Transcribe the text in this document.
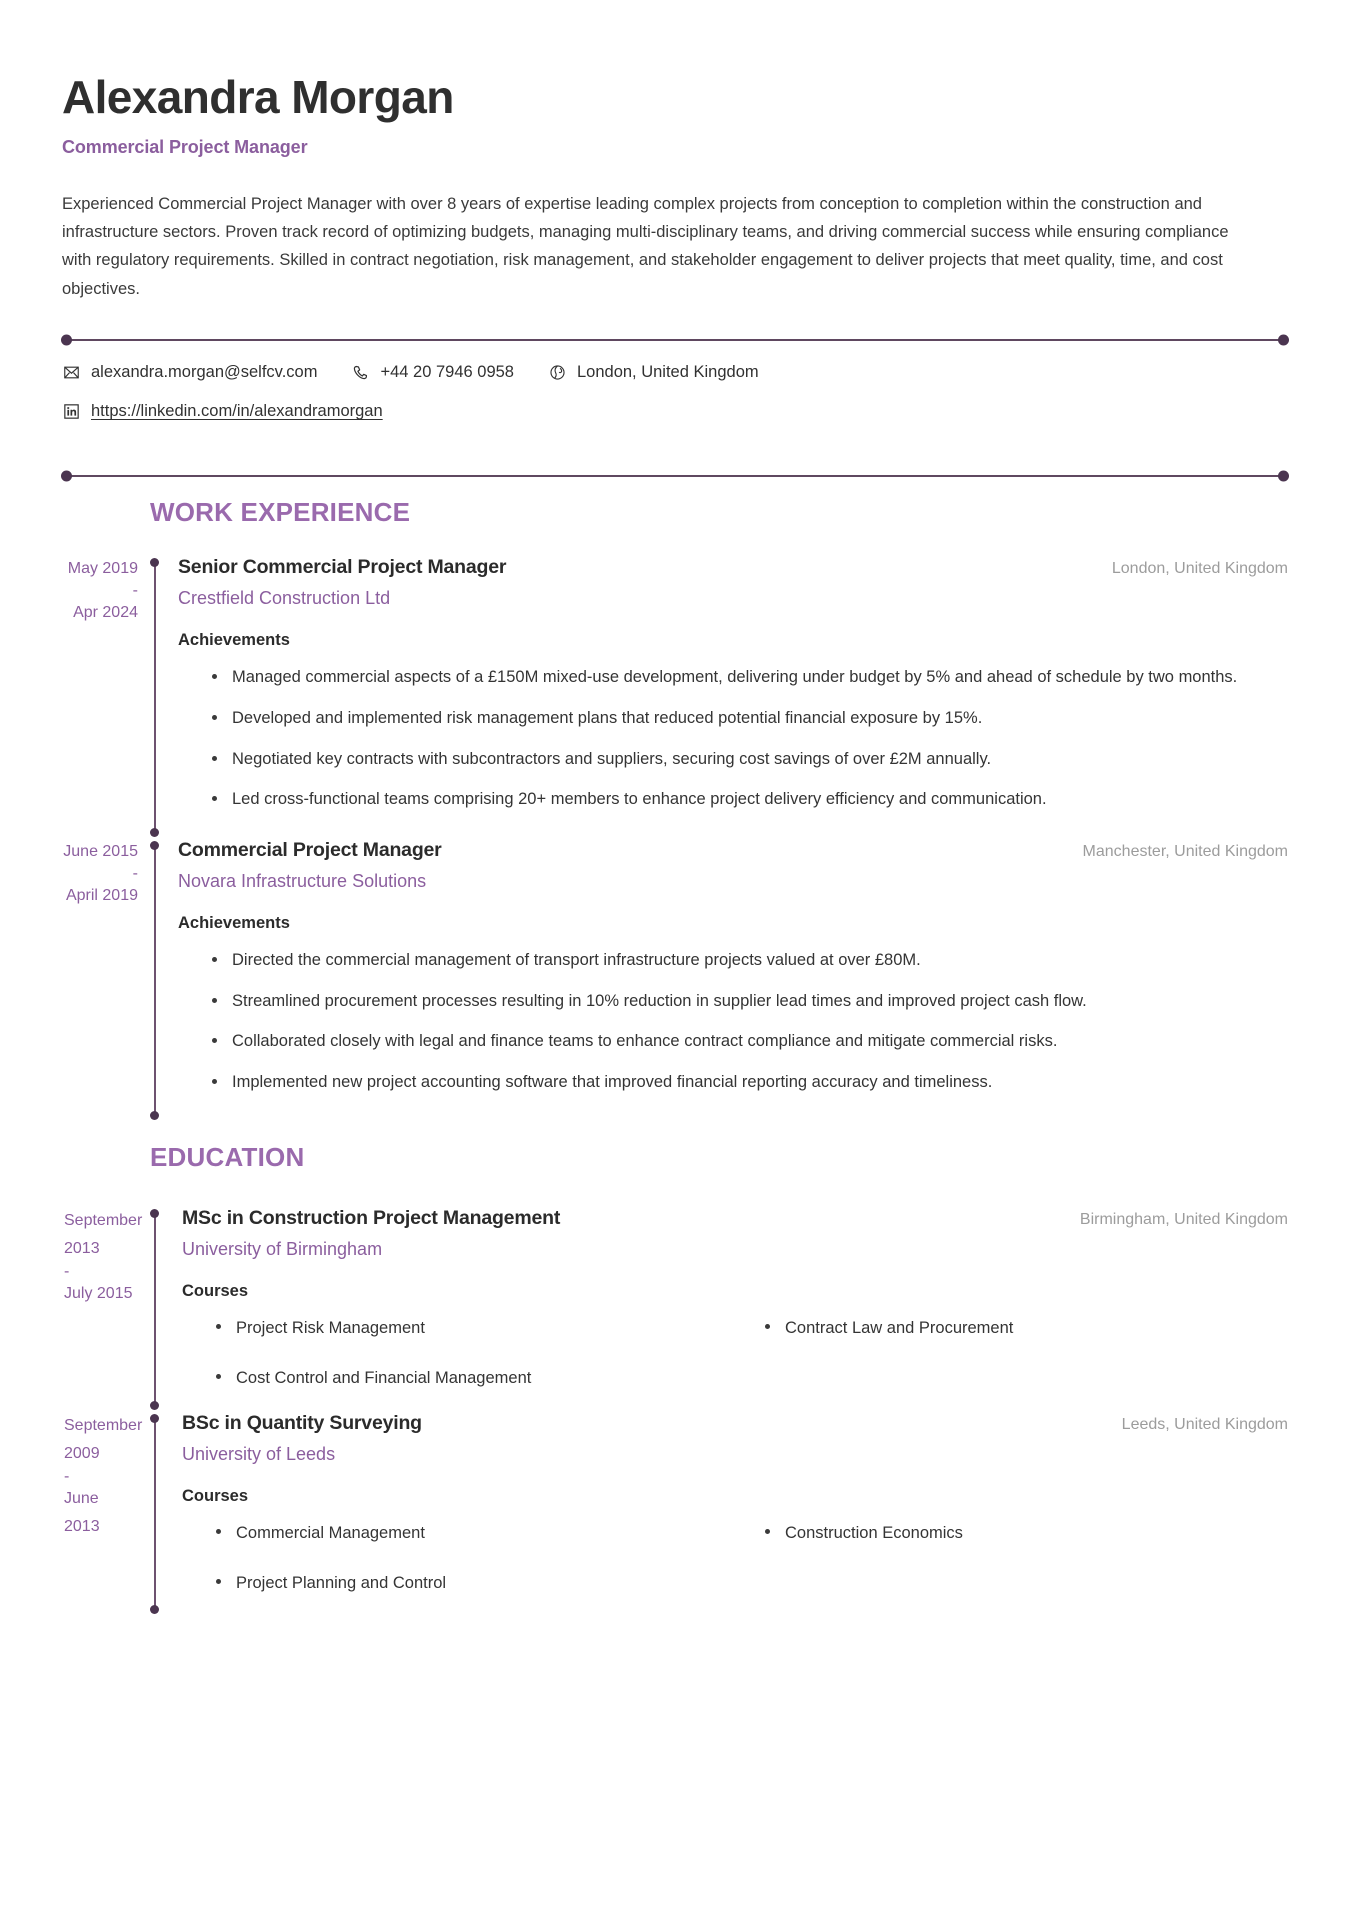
Alexandra Morgan
Commercial Project Manager

Experienced Commercial Project Manager with over 8 years of expertise leading complex projects from conception to completion within the construction and infrastructure sectors. Proven track record of optimizing budgets, managing multi-disciplinary teams, and driving commercial success while ensuring compliance with regulatory requirements. Skilled in contract negotiation, risk management, and stakeholder engagement to deliver projects that meet quality, time, and cost objectives.

alexandra.morgan@selfcv.com	+44 20 7946 0958	London, United Kingdom
https://linkedin.com/in/alexandramorgan
WORK EXPERIENCE
May 2019
-
Apr 2024
Senior Commercial Project Manager	London, United Kingdom
Crestfield Construction Ltd
Achievements
Managed commercial aspects of a £150M mixed-use development, delivering under budget by 5% and ahead of schedule by two months.
Developed and implemented risk management plans that reduced potential financial exposure by 15%.
Negotiated key contracts with subcontractors and suppliers, securing cost savings of over £2M annually.
Led cross-functional teams comprising 20+ members to enhance project delivery efficiency and communication.
June 2015
-
April 2019
Commercial Project Manager	Manchester, United Kingdom
Novara Infrastructure Solutions
Achievements
Directed the commercial management of transport infrastructure projects valued at over £80M.
Streamlined procurement processes resulting in 10% reduction in supplier lead times and improved project cash flow.
Collaborated closely with legal and finance teams to enhance contract compliance and mitigate commercial risks.
Implemented new project accounting software that improved financial reporting accuracy and timeliness.
EDUCATION
September 2013
-
July 2015
MSc in Construction Project Management	Birmingham, United Kingdom
University of Birmingham
Courses
Project Risk Management	Contract Law and Procurement
Cost Control and Financial Management
September 2009
-
June 2013
BSc in Quantity Surveying	Leeds, United Kingdom
University of Leeds
Courses
Commercial Management	Construction Economics
Project Planning and Control
